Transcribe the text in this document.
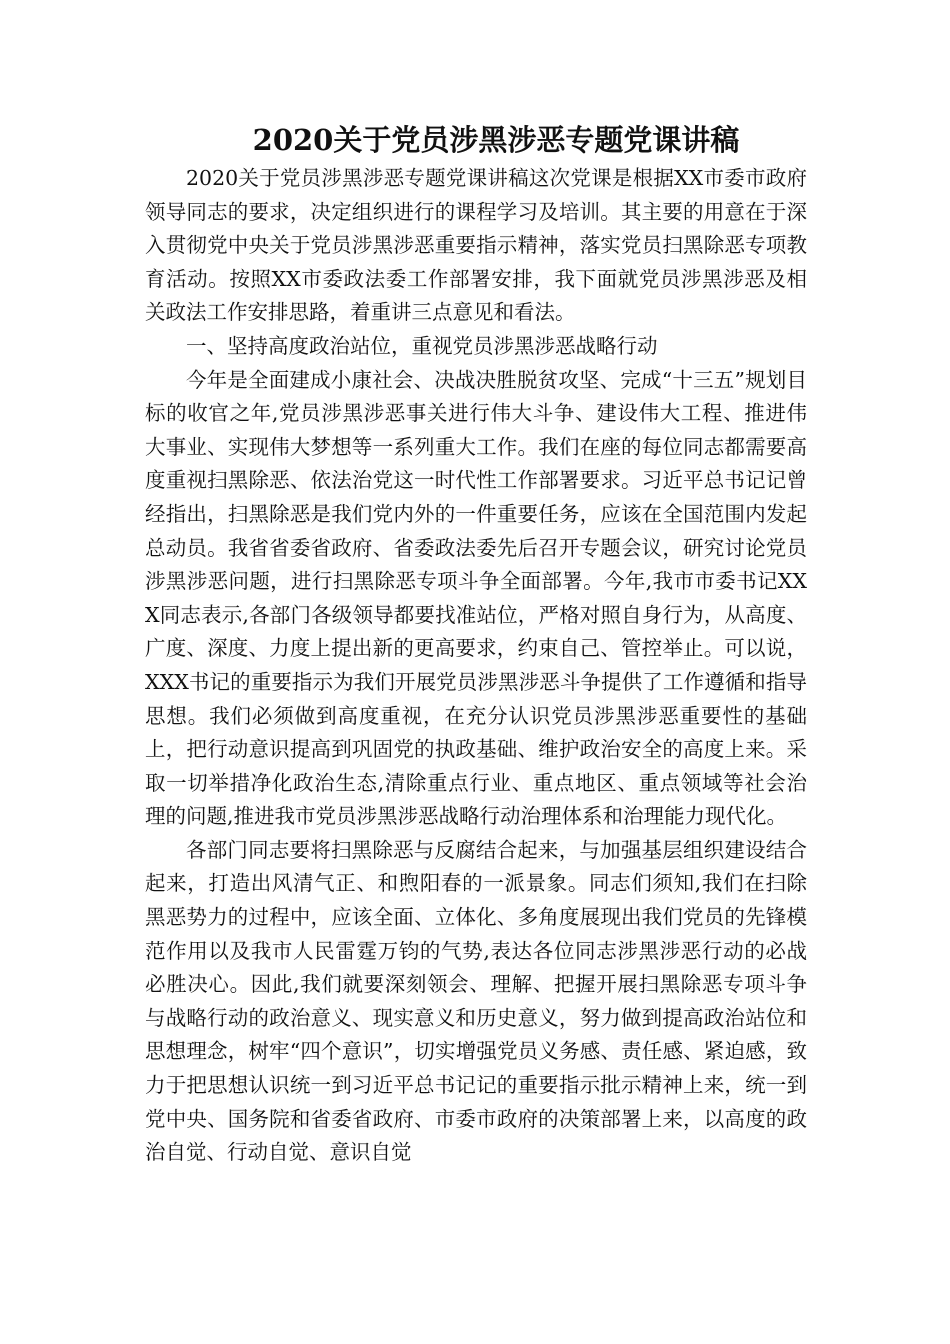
2020关于党员涉黑涉恶专题党课讲稿

2020关于党员涉黑涉恶专题党课讲稿这次党课是根据XX市委市政府领导同志的要求，决定组织进行的课程学习及培训。其主要的用意在于深入贯彻党中央关于党员涉黑涉恶重要指示精神，落实党员扫黑除恶专项教育活动。按照XX市委政法委工作部署安排，我下面就党员涉黑涉恶及相关政法工作安排思路，着重讲三点意见和看法。

一、坚持高度政治站位，重视党员涉黑涉恶战略行动

今年是全面建成小康社会、决战决胜脱贫攻坚、完成“十三五”规划目标的收官之年,党员涉黑涉恶事关进行伟大斗争、建设伟大工程、推进伟大事业、实现伟大梦想等一系列重大工作。我们在座的每位同志都需要高度重视扫黑除恶、依法治党这一时代性工作部署要求。习近平总书记记曾经指出，扫黑除恶是我们党内外的一件重要任务，应该在全国范围内发起总动员。我省省委省政府、省委政法委先后召开专题会议，研究讨论党员涉黑涉恶问题，进行扫黑除恶专项斗争全面部署。今年,我市市委书记XXX同志表示,各部门各级领导都要找准站位，严格对照自身行为，从高度、广度、深度、力度上提出新的更高要求，约束自己、管控举止。可以说，XXX书记的重要指示为我们开展党员涉黑涉恶斗争提供了工作遵循和指导思想。我们必须做到高度重视，在充分认识党员涉黑涉恶重要性的基础上，把行动意识提高到巩固党的执政基础、维护政治安全的高度上来。采取一切举措净化政治生态,清除重点行业、重点地区、重点领域等社会治理的问题,推进我市党员涉黑涉恶战略行动治理体系和治理能力现代化。

各部门同志要将扫黑除恶与反腐结合起来，与加强基层组织建设结合起来，打造出风清气正、和煦阳春的一派景象。同志们须知,我们在扫除黑恶势力的过程中，应该全面、立体化、多角度展现出我们党员的先锋模范作用以及我市人民雷霆万钧的气势,表达各位同志涉黑涉恶行动的必战必胜决心。因此,我们就要深刻领会、理解、把握开展扫黑除恶专项斗争与战略行动的政治意义、现实意义和历史意义，努力做到提高政治站位和思想理念，树牢“四个意识”，切实增强党员义务感、责任感、紧迫感，致力于把思想认识统一到习近平总书记记的重要指示批示精神上来，统一到党中央、国务院和省委省政府、市委市政府的决策部署上来，以高度的政治自觉、行动自觉、意识自觉
